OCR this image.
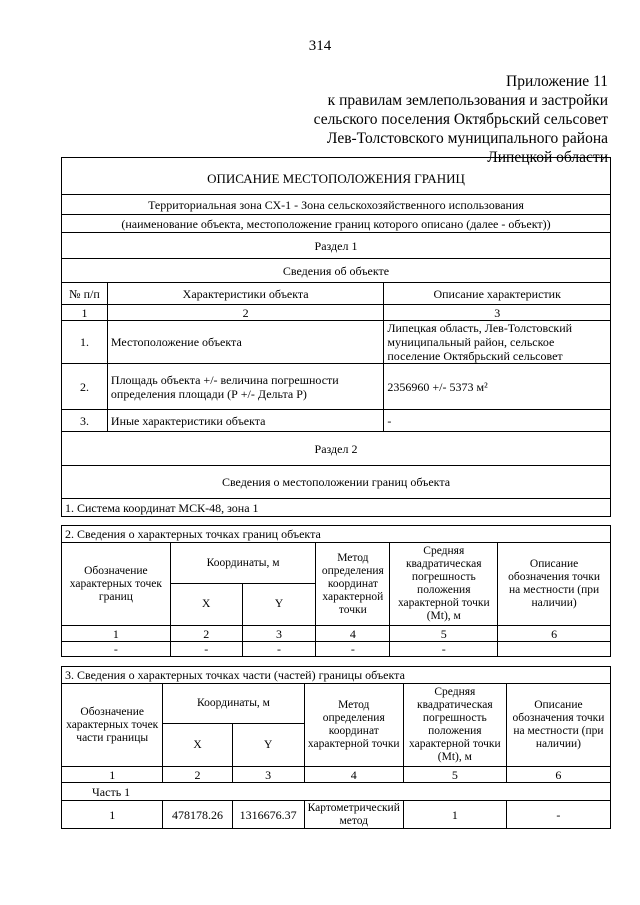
314
Приложение 11
к правилам землепользования и застройки
сельского поселения Октябрьский сельсовет
Лев-Толстовского муниципального района
Липецкой области
ОПИСАНИЕ МЕСТОПОЛОЖЕНИЯ ГРАНИЦ		
Территориальная зона СХ-1 - Зона сельскохозяйственного использования		
(наименование объекта, местоположение границ которого описано (далее - объект))		
Раздел 1		
Сведения об объекте		
№ п/п	Характеристики объекта	Описание характеристик
1	2	3
1.	Местоположение объекта	Липецкая область, Лев-Толстовский муниципальный район, сельское поселение Октябрьский сельсовет
2.	Площадь объекта +/- величина погрешности определения площади (Р +/- Дельта Р)	2356960 +/- 5373 м²
3.	Иные характеристики объекта	-
Раздел 2		
Сведения о местоположении границ объекта		
1. Система координат МСК-48, зона 1		
2. Сведения о характерных точках границ объекта					
Обозначение характерных точек границ	Координаты, м		Метод определения координат характерной точки	Средняя квадратическая погрешность положения характерной точки (Mt), м	Описание обозначения точки на местности (при наличии)
	X	Y			
1	2	3	4	5	6
-	-	-	-	-	
3. Сведения о характерных точках части (частей) границы объекта					
Обозначение характерных точек части границы	Координаты, м		Метод определения координат характерной точки	Средняя квадратическая погрешность положения характерной точки (Mt), м	Описание обозначения точки на местности (при наличии)
	X	Y			
1	2	3	4	5	6
Часть 1					
1	478178.26	1316676.37	Картометрический метод	1	-
